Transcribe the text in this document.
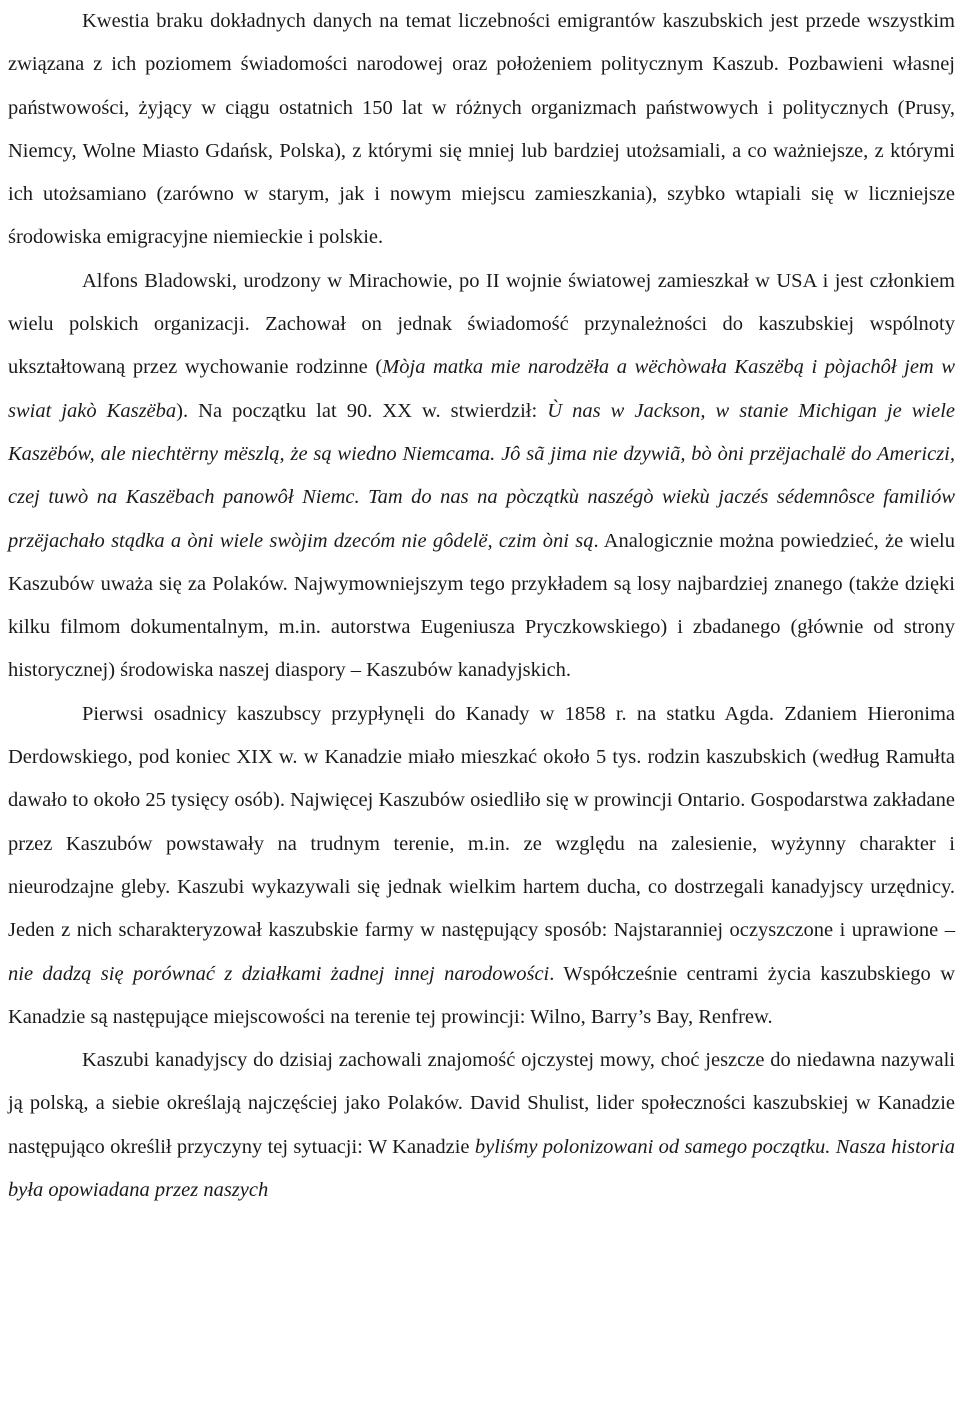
Kwestia braku dokładnych danych na temat liczebności emigrantów kaszubskich jest przede wszystkim związana z ich poziomem świadomości narodowej oraz położeniem politycznym Kaszub. Pozbawieni własnej państwowości, żyjący w ciągu ostatnich 150 lat w różnych organizmach państwowych i politycznych (Prusy, Niemcy, Wolne Miasto Gdańsk, Polska), z którymi się mniej lub bardziej utożsamiali, a co ważniejsze, z którymi ich utożsamiano (zarówno w starym, jak i nowym miejscu zamieszkania), szybko wtapiali się w liczniejsze środowiska emigracyjne niemieckie i polskie.

Alfons Bladowski, urodzony w Mirachowie, po II wojnie światowej zamieszkał w USA i jest członkiem wielu polskich organizacji. Zachował on jednak świadomość przynależności do kaszubskiej wspólnoty ukształtowaną przez wychowanie rodzinne (Mòja matka mie narodzëła a wëchòwała Kaszëbą i pòjachôł jem w swiat jakò Kaszëba). Na początku lat 90. XX w. stwierdził: Ù nas w Jackson, w stanie Michigan je wiele Kaszëbów, ale niechtërny mëszlą, że są wiedno Niemcama. Jô sã jima nie dzywiã, bò òni przëjachalë do Americzi, czej tuwò na Kaszëbach panowôł Niemc. Tam do nas na pòczątkù naszégò wiekù jaczés sédemnôsce familiów przëjachało stądka a òni wiele swòjim dzecóm nie gôdelë, czim òni są. Analogicznie można powiedzieć, że wielu Kaszubów uważa się za Polaków. Najwymowniejszym tego przykładem są losy najbardziej znanego (także dzięki kilku filmom dokumentalnym, m.in. autorstwa Eugeniusza Pryczkowskiego) i zbadanego (głównie od strony historycznej) środowiska naszej diaspory – Kaszubów kanadyjskich.

Pierwsi osadnicy kaszubscy przypłynęli do Kanady w 1858 r. na statku Agda. Zdaniem Hieronima Derdowskiego, pod koniec XIX w. w Kanadzie miało mieszkać około 5 tys. rodzin kaszubskich (według Ramułta dawało to około 25 tysięcy osób). Najwięcej Kaszubów osiedliło się w prowincji Ontario. Gospodarstwa zakładane przez Kaszubów powstawały na trudnym terenie, m.in. ze względu na zalesienie, wyżynny charakter i nieurodzajne gleby. Kaszubi wykazywali się jednak wielkim hartem ducha, co dostrzegali kanadyjscy urzędnicy. Jeden z nich scharakteryzował kaszubskie farmy w następujący sposób: Najstaranniej oczyszczone i uprawione – nie dadzą się porównać z działkami żadnej innej narodowości. Współcześnie centrami życia kaszubskiego w Kanadzie są następujące miejscowości na terenie tej prowincji: Wilno, Barry’s Bay, Renfrew.

Kaszubi kanadyjscy do dzisiaj zachowali znajomość ojczystej mowy, choć jeszcze do niedawna nazywali ją polską, a siebie określają najczęściej jako Polaków. David Shulist, lider społeczności kaszubskiej w Kanadzie następująco określił przyczyny tej sytuacji: W Kanadzie byliśmy polonizowani od samego początku. Nasza historia była opowiadana przez naszych
